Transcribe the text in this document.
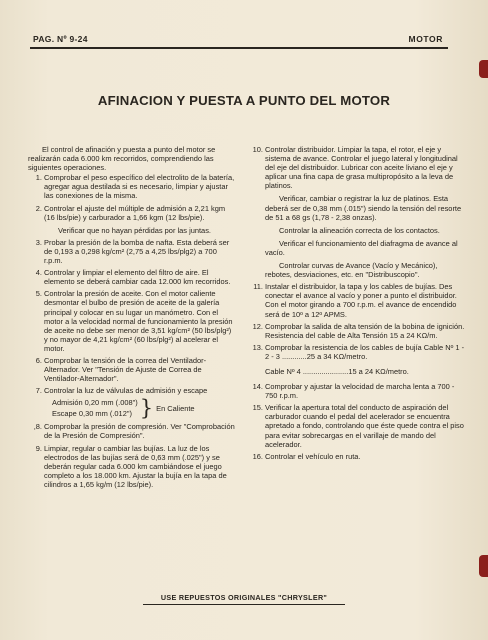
PAG. Nº 9-24	MOTOR
AFINACION Y PUESTA A PUNTO DEL MOTOR

El control de afinación y puesta a punto del motor se realizarán cada 6.000 km recorridos, comprendiendo las siguientes operaciones.

1. Comprobar el peso específico del electrolito de la batería, agregar agua destilada si es necesario, limpiar y ajustar las conexiones de la misma.

2. Controlar el ajuste del múltiple de admisión a 2,21 kgm (16 lbs/pie) y carburador a 1,66 kgm (12 lbs/pie).

Verificar que no hayan pérdidas por las juntas.

3. Probar la presión de la bomba de nafta. Esta deberá ser de 0,193 a 0,298 kg/cm² (2,75 a 4,25 lbs/plg2) a 700 r.p.m.

4. Controlar y limpiar el elemento del filtro de aire. El elemento se deberá cambiar cada 12.000 km recorridos.

5. Controlar la presión de aceite. Con el motor caliente desmontar el bulbo de presión de aceite de la galería principal y colocar en su lugar un manómetro. Con el motor a la velocidad normal de funcionamiento la presión de aceite no debe ser menor de 3,51 kg/cm² (50 lbs/plg²) y no mayor de 4,21 kg/cm² (60 lbs/plg²) al acelerar el motor.

6. Comprobar la tensión de la correa del Ventilador-Alternador. Ver "Tensión de Ajuste de Correa de Ventilador-Alternador".

7. Controlar la luz de válvulas de admisión y escape

Admisión 0,20 mm (.008")
Escape 0,30 mm (.012") } En Caliente
,8. Comprobar la presión de compresión. Ver "Comprobación de la Presión de Compresión".

9. Limpiar, regular o cambiar las bujías. La luz de los electrodos de las bujías será de 0,63 mm (.025") y se deberán regular cada 6.000 km cambiándose el juego completo a los 18.000 km. Ajustar la bujía en la tapa de cilindros a 1,65 kg/m (12 lbs/pie).

10. Controlar distribuidor. Limpiar la tapa, el rotor, el eje y sistema de avance. Controlar el juego lateral y longitudinal del eje del distribuidor. Lubricar con aceite liviano el eje y aplicar una fina capa de grasa multipropósito a la leva de platinos.

Verificar, cambiar o registrar la luz de platinos. Esta deberá ser de 0,38 mm (.015") siendo la tensión del resorte de 51 a 68 gs (1,78 - 2,38 onzas).

Controlar la alineación correcta de los contactos.

Verificar el funcionamiento del diafragma de avance al vacío.

Controlar curvas de Avance (Vacío y Mecánico), rebotes, desviaciones, etc. en "Distribuscopio".

11. Instalar el distribuidor, la tapa y los cables de bujías. Des conectar el avance al vacío y poner a punto el distribuidor. Con el motor girando a 700 r.p.m. el avance de encendido será de 10º a 12º APMS.

12. Comprobar la salida de alta tensión de la bobina de ignición. Resistencia del cable de Alta Tensión 15 a 24 KΩ/m.

13. Comprobar la resistencia de los cables de bujía Cable Nº 1 - 2 - 3 ............25 a 34 KΩ/metro.

Cable Nº 4 ......................15 a 24 KΩ/metro.
14. Comprobar y ajustar la velocidad de marcha lenta a 700 - 750 r.p.m.

15. Verificar la apertura total del conducto de aspiración del carburador cuando el pedal del acelerador se encuentra apretado a fondo, controlando que éste quede contra el piso para evitar sobrecargas en el varillaje de mando del acelerador.

16. Controlar el vehículo en ruta.

USE REPUESTOS ORIGINALES "CHRYSLER"
